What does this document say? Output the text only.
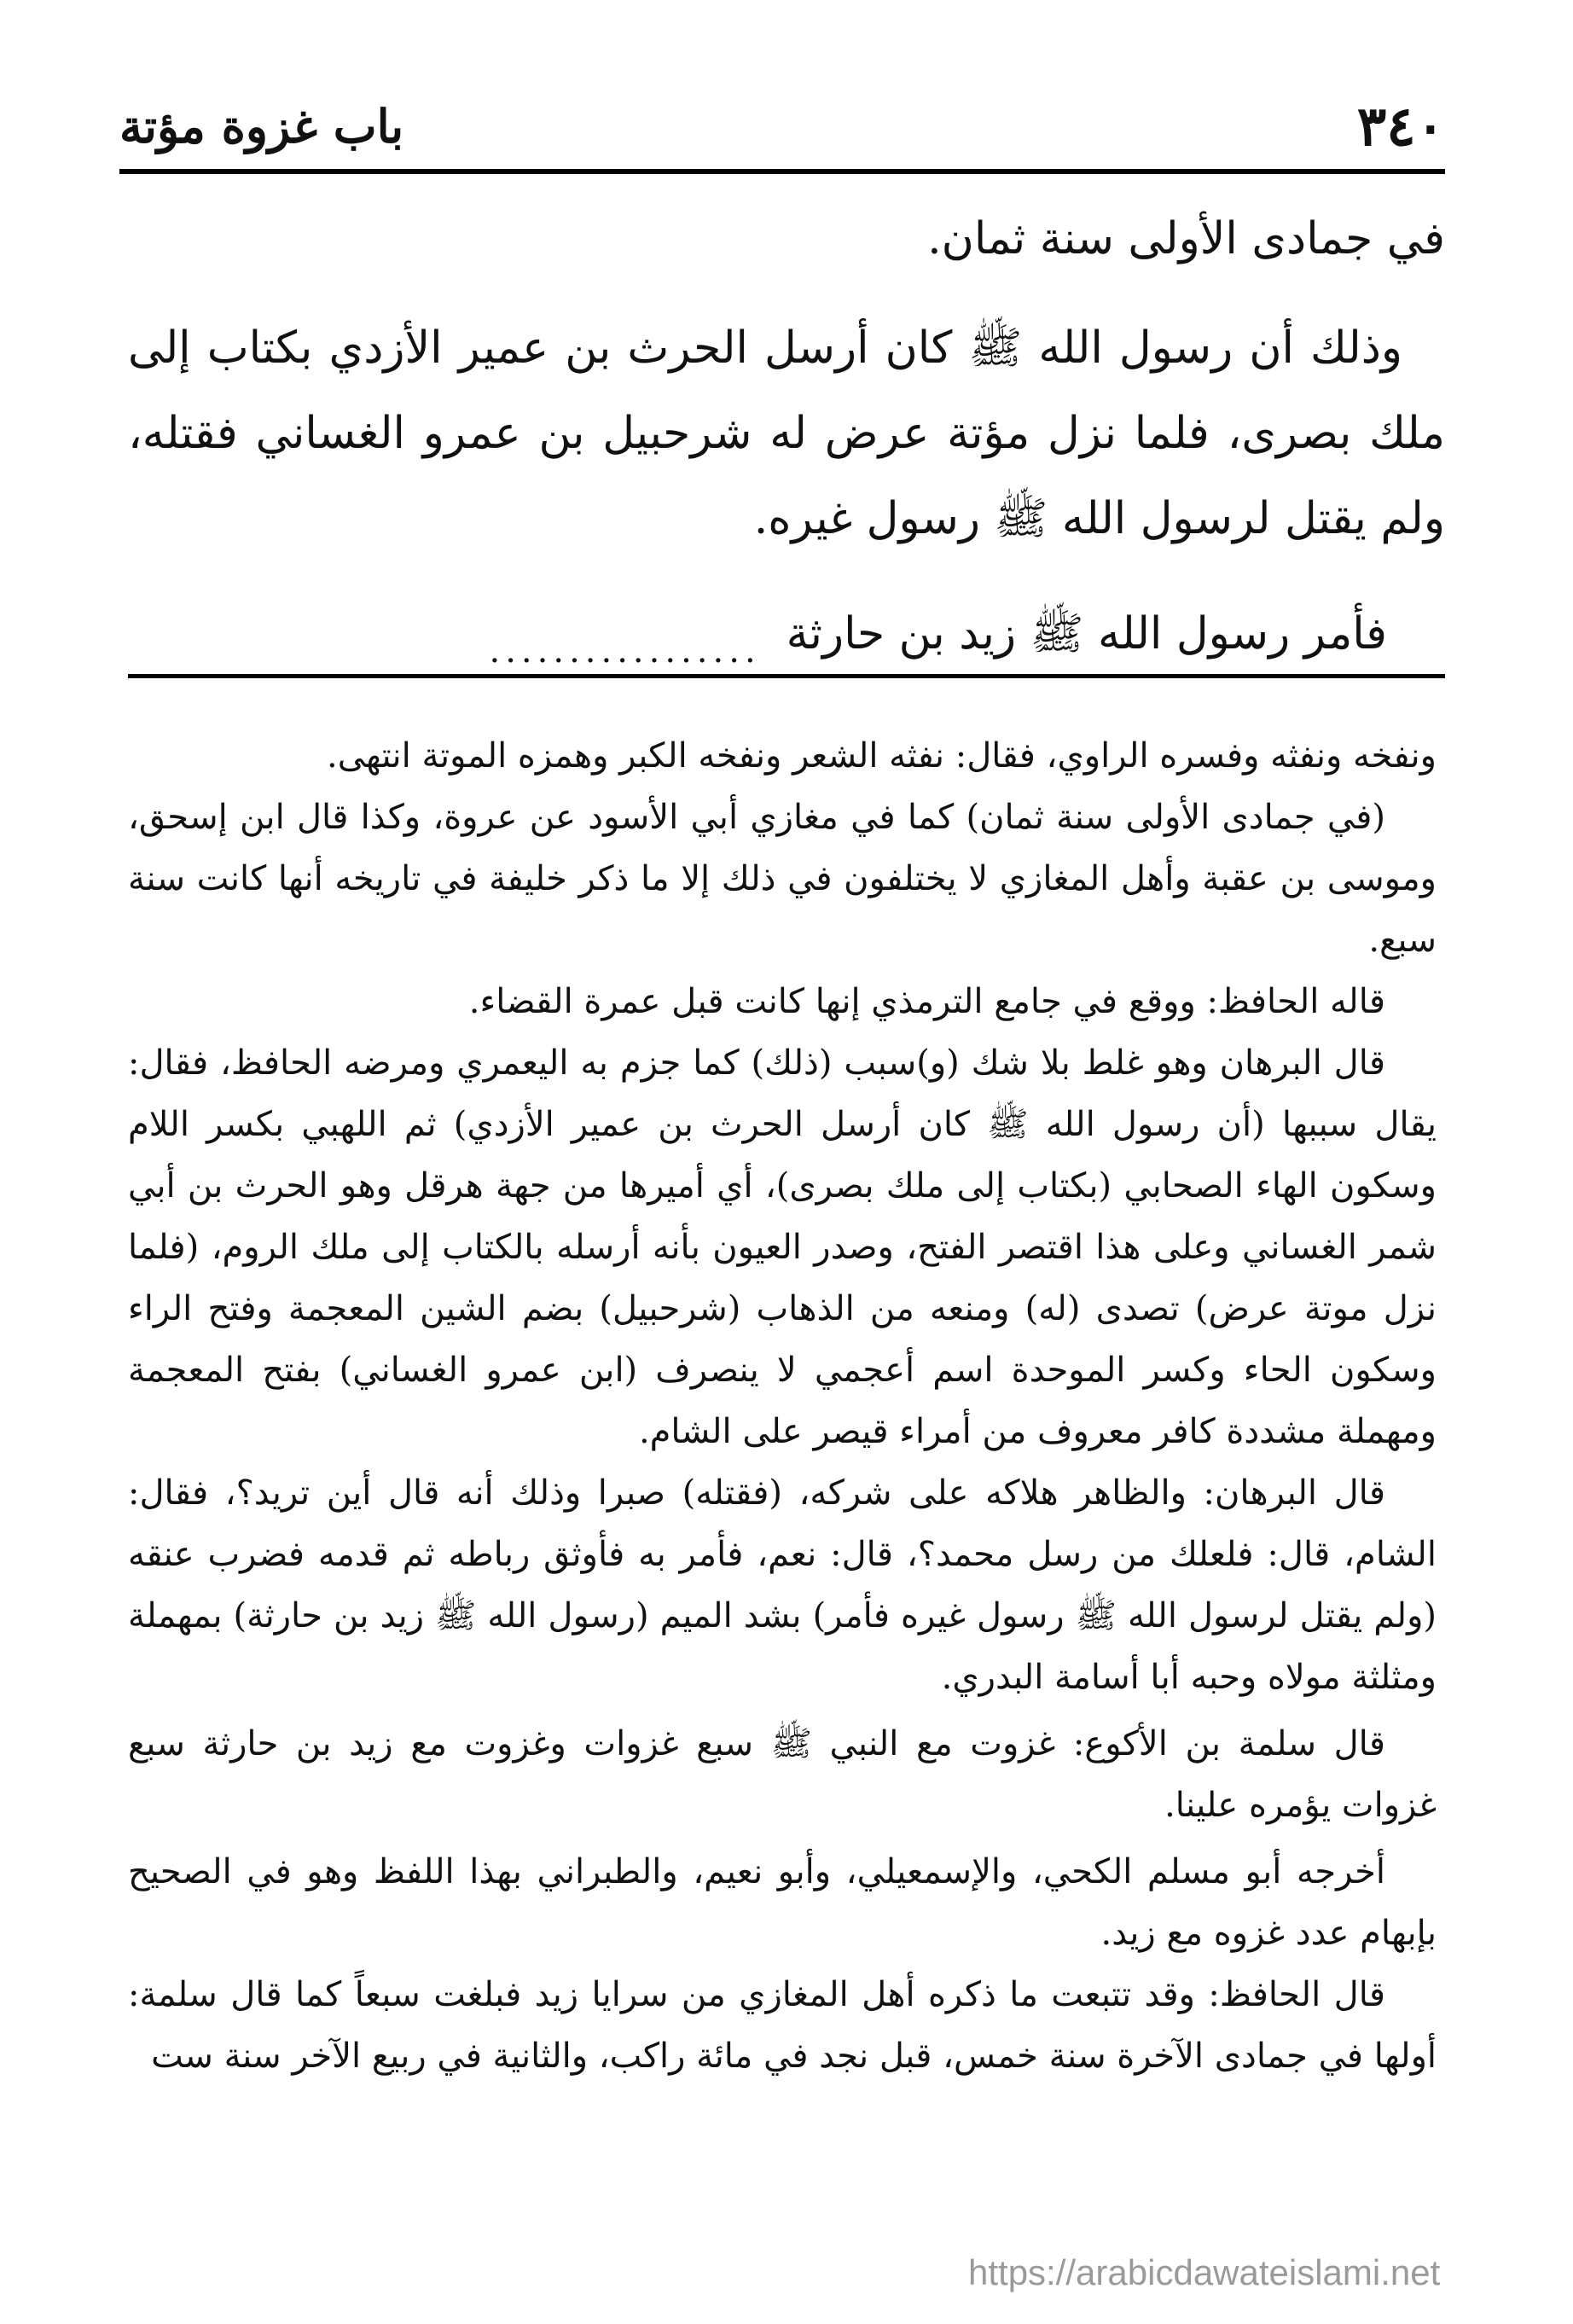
٣٤٠
باب غزوة مؤتة

في جمادى الأولى سنة ثمان.

وذلك أن رسول الله ﷺ كان أرسل الحرث بن عمير الأزدي بكتاب إلى ملك بصرى، فلما نزل مؤتة عرض له شرحبيل بن عمرو الغساني فقتله، ولم يقتل لرسول الله ﷺ رسول غيره.

فأمر رسول الله ﷺ زيد بن حارثة
.................

ونفخه ونفثه وفسره الراوي، فقال: نفثه الشعر ونفخه الكبر وهمزه الموتة انتهى.

(في جمادى الأولى سنة ثمان) كما في مغازي أبي الأسود عن عروة، وكذا قال ابن إسحق، وموسى بن عقبة وأهل المغازي لا يختلفون في ذلك إلا ما ذكر خليفة في تاريخه أنها كانت سنة سبع.

قاله الحافظ: ووقع في جامع الترمذي إنها كانت قبل عمرة القضاء.

قال البرهان وهو غلط بلا شك (و)سبب (ذلك) كما جزم به اليعمري ومرضه الحافظ، فقال: يقال سببها (أن رسول الله ﷺ كان أرسل الحرث بن عمير الأزدي) ثم اللهبي بكسر اللام وسكون الهاء الصحابي (بكتاب إلى ملك بصرى)، أي أميرها من جهة هرقل وهو الحرث بن أبي شمر الغساني وعلى هذا اقتصر الفتح، وصدر العيون بأنه أرسله بالكتاب إلى ملك الروم، (فلما نزل موتة عرض) تصدى (له) ومنعه من الذهاب (شرحبيل) بضم الشين المعجمة وفتح الراء وسكون الحاء وكسر الموحدة اسم أعجمي لا ينصرف (ابن عمرو الغساني) بفتح المعجمة ومهملة مشددة كافر معروف من أمراء قيصر على الشام.

قال البرهان: والظاهر هلاكه على شركه، (فقتله) صبرا وذلك أنه قال أين تريد؟، فقال: الشام، قال: فلعلك من رسل محمد؟، قال: نعم، فأمر به فأوثق رباطه ثم قدمه فضرب عنقه (ولم يقتل لرسول الله ﷺ رسول غيره فأمر) بشد الميم (رسول الله ﷺ زيد بن حارثة) بمهملة ومثلثة مولاه وحبه أبا أسامة البدري.

قال سلمة بن الأكوع: غزوت مع النبي ﷺ سبع غزوات وغزوت مع زيد بن حارثة سبع غزوات يؤمره علينا.

أخرجه أبو مسلم الكحي، والإسمعيلي، وأبو نعيم، والطبراني بهذا اللفظ وهو في الصحيح بإبهام عدد غزوه مع زيد.

قال الحافظ: وقد تتبعت ما ذكره أهل المغازي من سرايا زيد فبلغت سبعاً كما قال سلمة: أولها في جمادى الآخرة سنة خمس، قبل نجد في مائة راكب، والثانية في ربيع الآخر سنة ست

https://arabicdawateislami.net
